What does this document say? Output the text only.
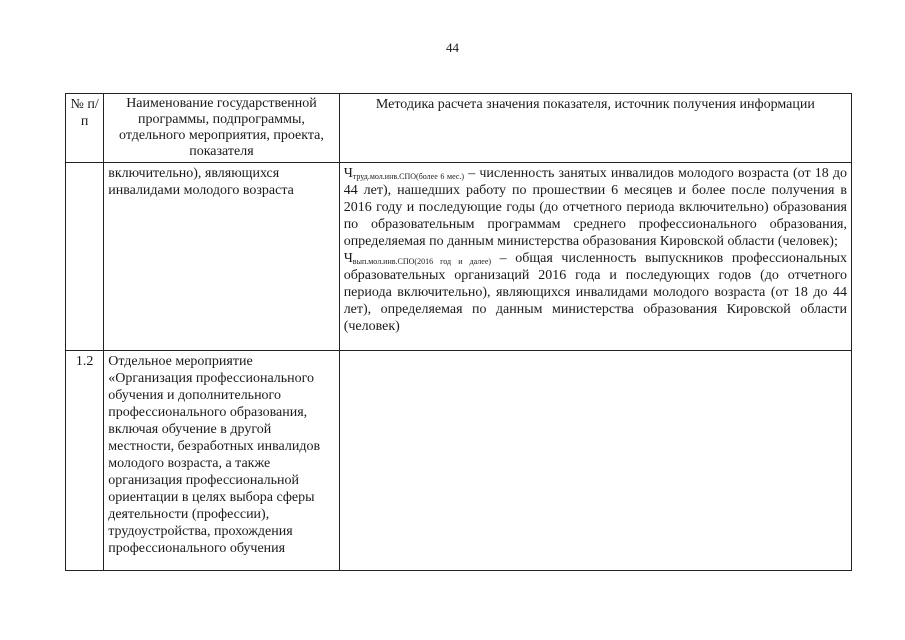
44
№ п/п	Наименование государственной программы, подпрограммы, отдельного мероприятия, проекта, показателя	Методика расчета значения показателя, источник получения информации
	включительно), являющихся инвалидами молодого возраста	Чтруд.мол.инв.СПО(более 6 мес.) – численность занятых инвалидов молодого возраста (от 18 до 44 лет), нашедших работу по прошествии 6 месяцев и более после получения в 2016 году и последующие годы (до отчетного периода включительно) образования по образовательным программам среднего профессионального образования, определяемая по данным министерства образования Кировской области (человек);

Чвып.мол.инв.СПО(2016 год и далее) – общая численность выпускников профессиональных образовательных организаций 2016 года и последующих годов (до отчетного периода включительно), являющихся инвалидами молодого возраста (от 18 до 44 лет), определяемая по данным министерства образования Кировской области (человек)

1.2	Отдельное мероприятие «Организация профессионального обучения и дополнительного профессионального образования, включая обучение в другой местности, безработных инвалидов молодого возраста, а также организация профессиональной ориентации в целях выбора сферы деятельности (профессии), трудоустройства, прохождения профессионального обучения	
